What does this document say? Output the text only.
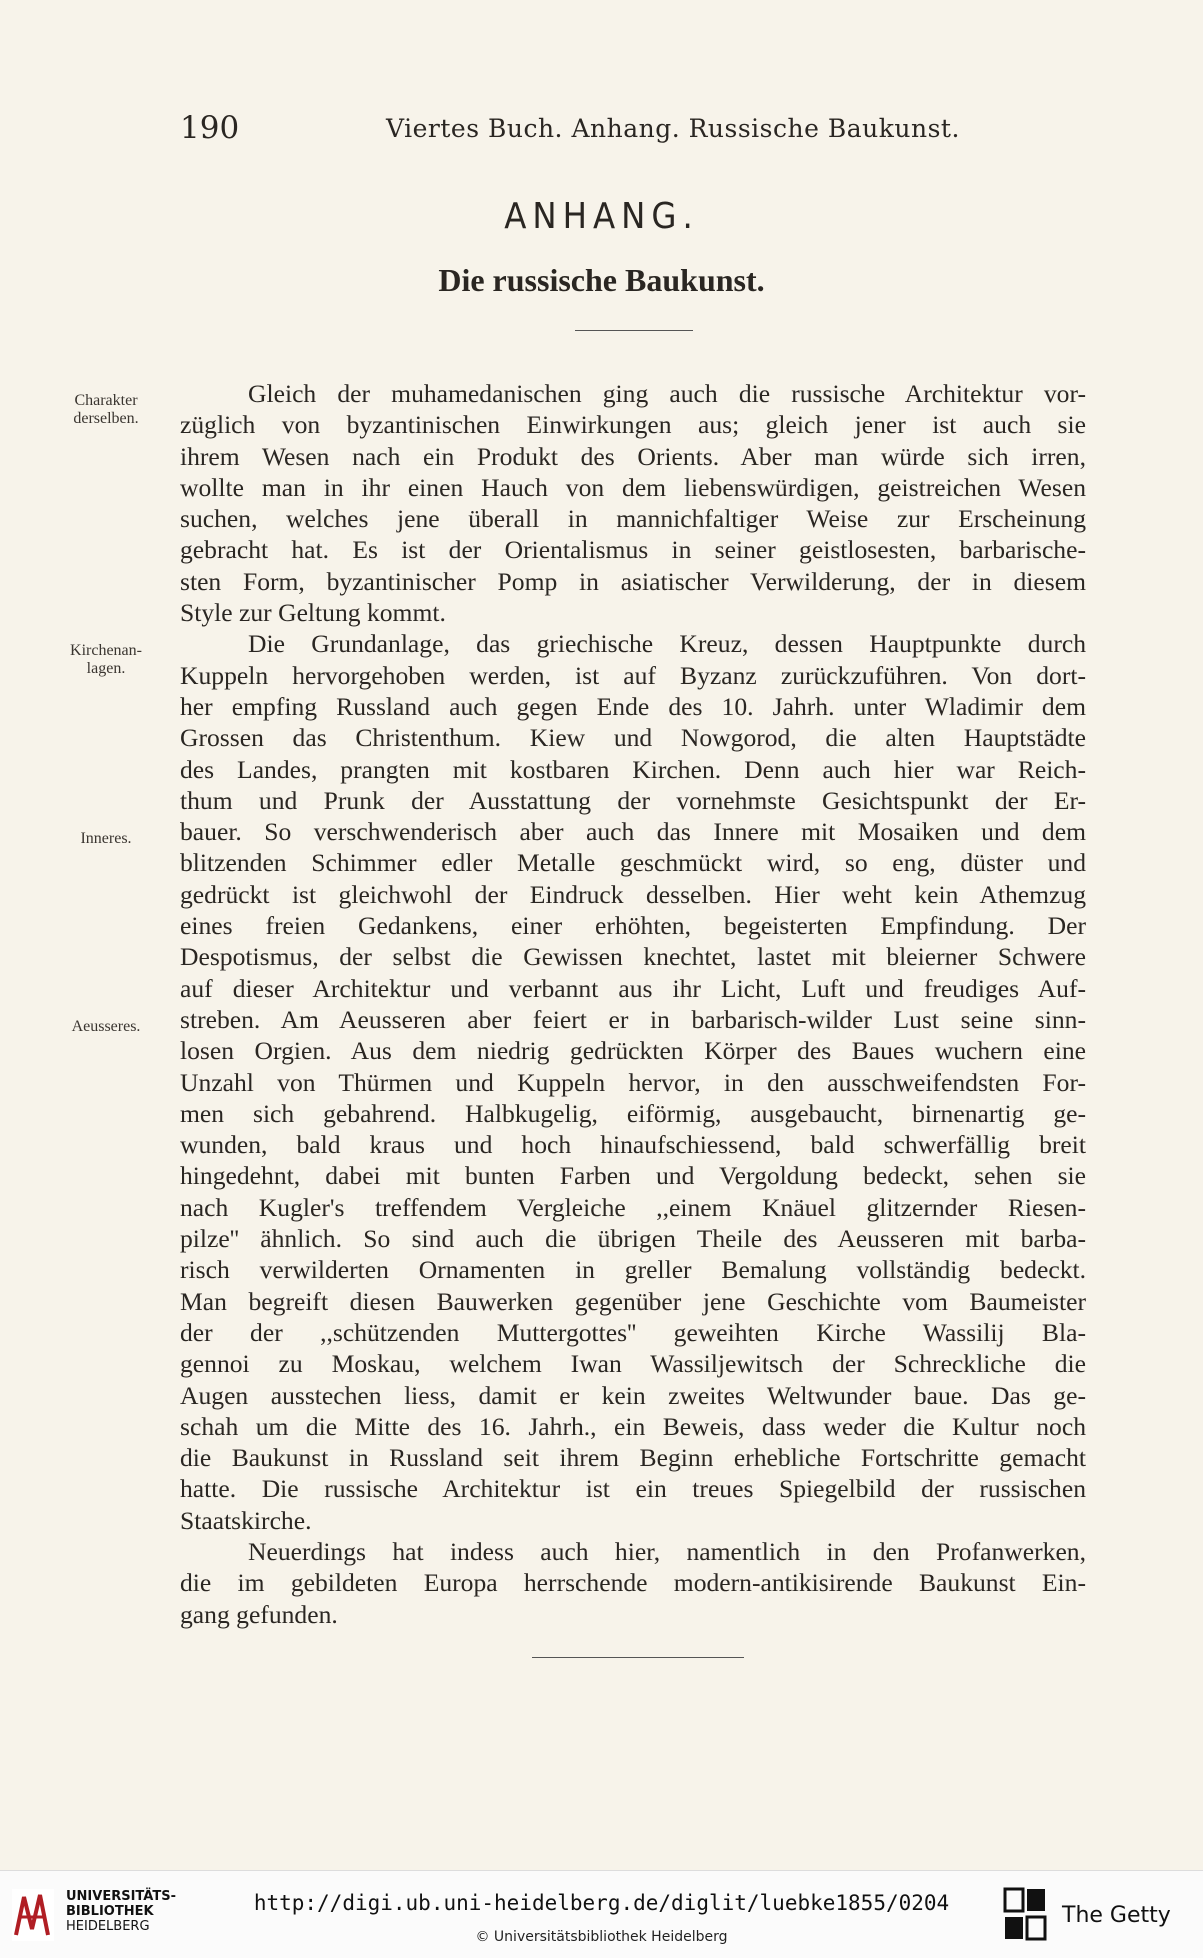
190	Viertes Buch. Anhang. Russische Baukunst.
ANHANG.
Die russische Baukunst.
Charakter
derselben.
Kirchenan-
lagen.
Inneres.
Aeusseres.

Gleich der muhamedanischen ging auch die russische Architektur vor-
züglich von byzantinischen Einwirkungen aus; gleich jener ist auch sie
ihrem Wesen nach ein Produkt des Orients. Aber man würde sich irren,
wollte man in ihr einen Hauch von dem liebenswürdigen, geistreichen Wesen
suchen, welches jene überall in mannichfaltiger Weise zur Erscheinung
gebracht hat. Es ist der Orientalismus in seiner geistlosesten, barbarische-
sten Form, byzantinischer Pomp in asiatischer Verwilderung, der in diesem
Style zur Geltung kommt.

Die Grundanlage, das griechische Kreuz, dessen Hauptpunkte durch
Kuppeln hervorgehoben werden, ist auf Byzanz zurückzuführen. Von dort-
her empfing Russland auch gegen Ende des 10. Jahrh. unter Wladimir dem
Grossen das Christenthum. Kiew und Nowgorod, die alten Hauptstädte
des Landes, prangten mit kostbaren Kirchen. Denn auch hier war Reich-
thum und Prunk der Ausstattung der vornehmste Gesichtspunkt der Er-
bauer. So verschwenderisch aber auch das Innere mit Mosaiken und dem
blitzenden Schimmer edler Metalle geschmückt wird, so eng, düster und
gedrückt ist gleichwohl der Eindruck desselben. Hier weht kein Athemzug
eines freien Gedankens, einer erhöhten, begeisterten Empfindung. Der
Despotismus, der selbst die Gewissen knechtet, lastet mit bleierner Schwere
auf dieser Architektur und verbannt aus ihr Licht, Luft und freudiges Auf-
streben. Am Aeusseren aber feiert er in barbarisch-wilder Lust seine sinn-
losen Orgien. Aus dem niedrig gedrückten Körper des Baues wuchern eine
Unzahl von Thürmen und Kuppeln hervor, in den ausschweifendsten For-
men sich gebahrend. Halbkugelig, eiförmig, ausgebaucht, birnenartig ge-
wunden, bald kraus und hoch hinaufschiessend, bald schwerfällig breit
hingedehnt, dabei mit bunten Farben und Vergoldung bedeckt, sehen sie
nach Kugler's treffendem Vergleiche ,,einem Knäuel glitzernder Riesen-
pilze'' ähnlich. So sind auch die übrigen Theile des Aeusseren mit barba-
risch verwilderten Ornamenten in greller Bemalung vollständig bedeckt.
Man begreift diesen Bauwerken gegenüber jene Geschichte vom Baumeister
der der ,,schützenden Muttergottes'' geweihten Kirche Wassilij Bla-
gennoi zu Moskau, welchem Iwan Wassiljewitsch der Schreckliche die
Augen ausstechen liess, damit er kein zweites Weltwunder baue. Das ge-
schah um die Mitte des 16. Jahrh., ein Beweis, dass weder die Kultur noch
die Baukunst in Russland seit ihrem Beginn erhebliche Fortschritte gemacht
hatte. Die russische Architektur ist ein treues Spiegelbild der russischen
Staatskirche.

Neuerdings hat indess auch hier, namentlich in den Profanwerken,
die im gebildeten Europa herrschende modern-antikisirende Baukunst Ein-
gang gefunden.

UNIVERSITÄTS-
BIBLIOTHEK
HEIDELBERG
http://digi.ub.uni-heidelberg.de/diglit/luebke1855/0204
© Universitätsbibliothek Heidelberg
The Getty
